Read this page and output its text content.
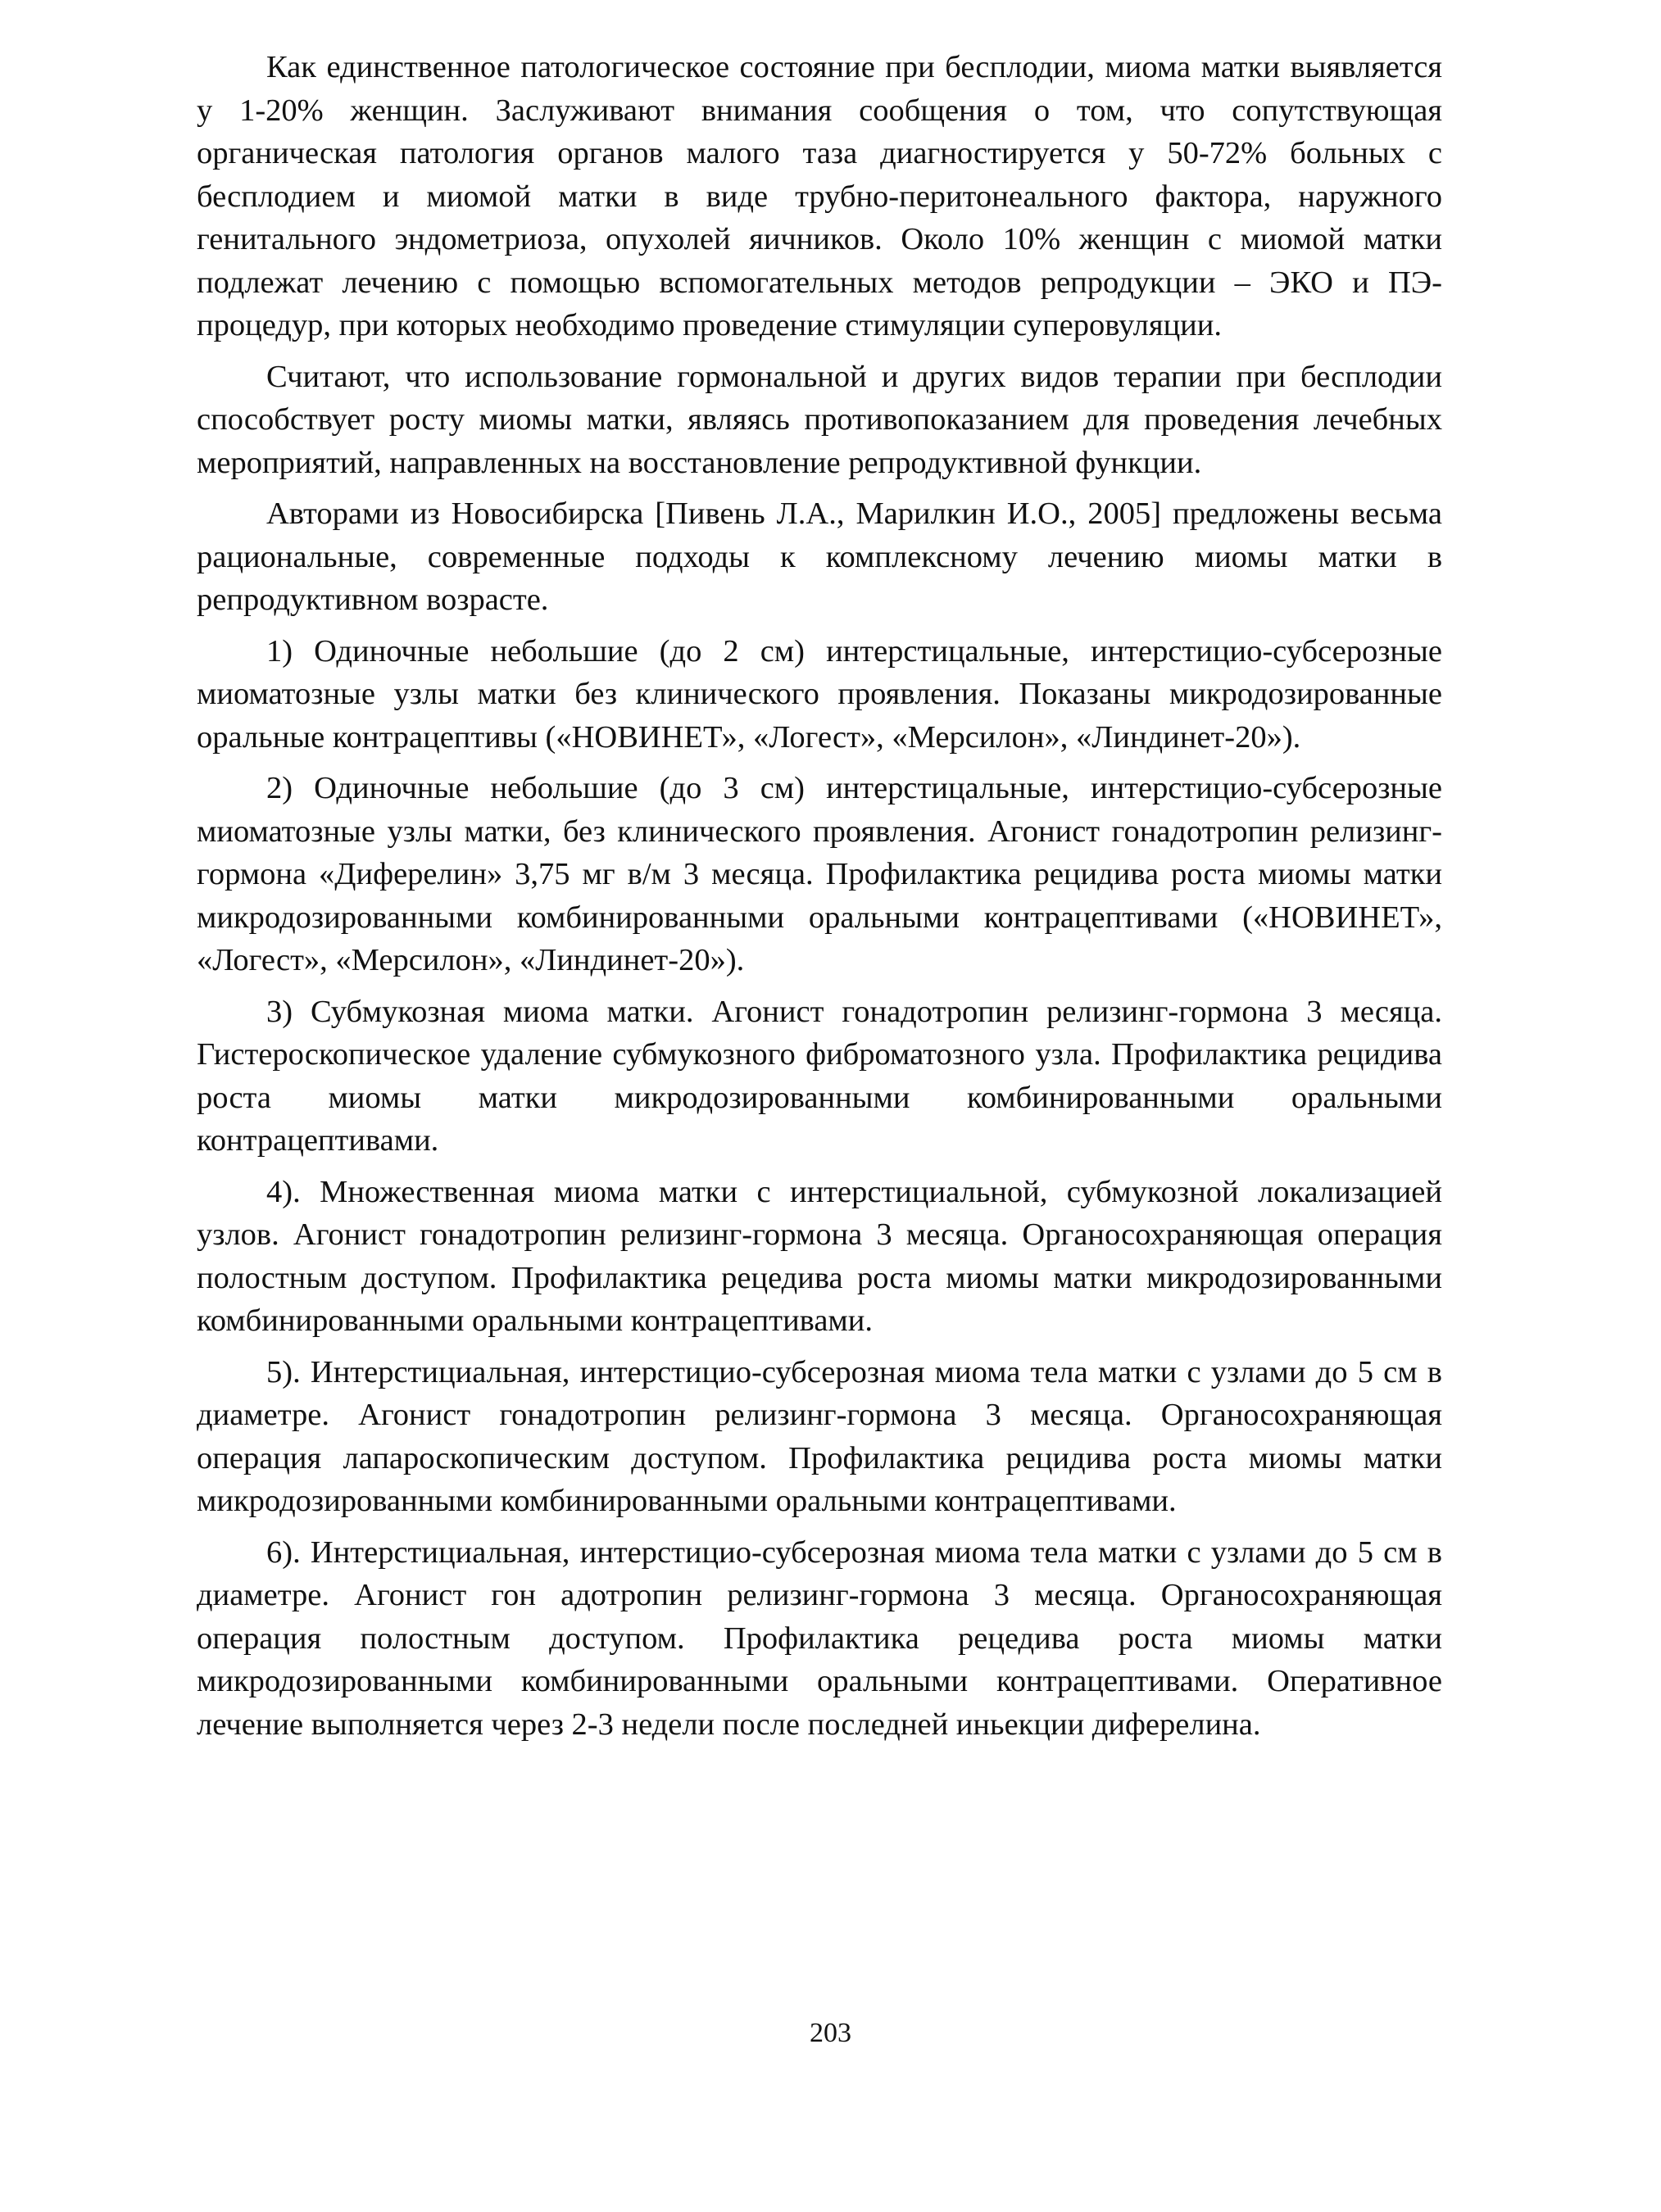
Как единственное патологическое состояние при бесплодии, миома матки выявляется у 1-20% женщин. Заслуживают внимания сообщения о том, что сопутствующая органическая патология органов малого таза диагностируется у 50-72% больных с бесплодием и миомой матки в виде трубно-перитонеального фактора, наружного генитального эндометриоза, опухолей яичников. Около 10% женщин с миомой матки подлежат лечению с помощью вспомогательных методов репродукции – ЭКО и ПЭ-процедур, при которых необходимо проведение стимуляции суперовуляции.

Считают, что использование гормональной и других видов терапии при бесплодии способствует росту миомы матки, являясь противопоказанием для проведения лечебных мероприятий, направленных на восстановление репродуктивной функции.

Авторами из Новосибирска [Пивень Л.А., Марилкин И.О., 2005] предложены весьма рациональные, современные подходы к комплексному лечению миомы матки в репродуктивном возрасте.

1) Одиночные небольшие (до 2 см) интерстицальные, интерстицио-субсерозные миоматозные узлы матки без клинического проявления. Показаны микродозированные оральные контрацептивы («НОВИНЕТ», «Логест», «Мерсилон», «Линдинет-20»).

2) Одиночные небольшие (до 3 см) интерстицальные, интерстицио-субсерозные миоматозные узлы матки, без клинического проявления. Агонист гонадотропин релизинг-гормона «Диферелин» 3,75 мг в/м 3 месяца. Профилактика рецидива роста миомы матки микродозированными комбинированными оральными контрацептивами («НОВИНЕТ», «Логест», «Мерсилон», «Линдинет-20»).

3) Субмукозная миома матки. Агонист гонадотропин релизинг-гормона 3 месяца. Гистероскопическое удаление субмукозного фиброматозного узла. Профилактика рецидива роста миомы матки микродозированными комбинированными оральными контрацептивами.

4). Множественная миома матки с интерстициальной, субмукозной локализацией узлов. Агонист гонадотропин релизинг-гормона 3 месяца. Органосохраняющая операция полостным доступом. Профилактика рецедива роста миомы матки микродозированными комбинированными оральными контрацептивами.

5). Интерстициальная, интерстицио-субсерозная миома тела матки с узлами до 5 см в диаметре. Агонист гонадотропин релизинг-гормона 3 месяца. Органосохраняющая операция лапароскопическим доступом. Профилактика рецидива роста миомы матки микродозированными комбинированными оральными контрацептивами.

6). Интерстициальная, интерстицио-субсерозная миома тела матки с узлами до 5 см в диаметре. Агонист гон адотропин релизинг-гормона 3 месяца. Органосохраняющая операция полостным доступом. Профилактика рецедива роста миомы матки микродозированными комбинированными оральными контрацептивами. Оперативное лечение выполняется через 2-3 недели после последней иньекции диферелина.

203
